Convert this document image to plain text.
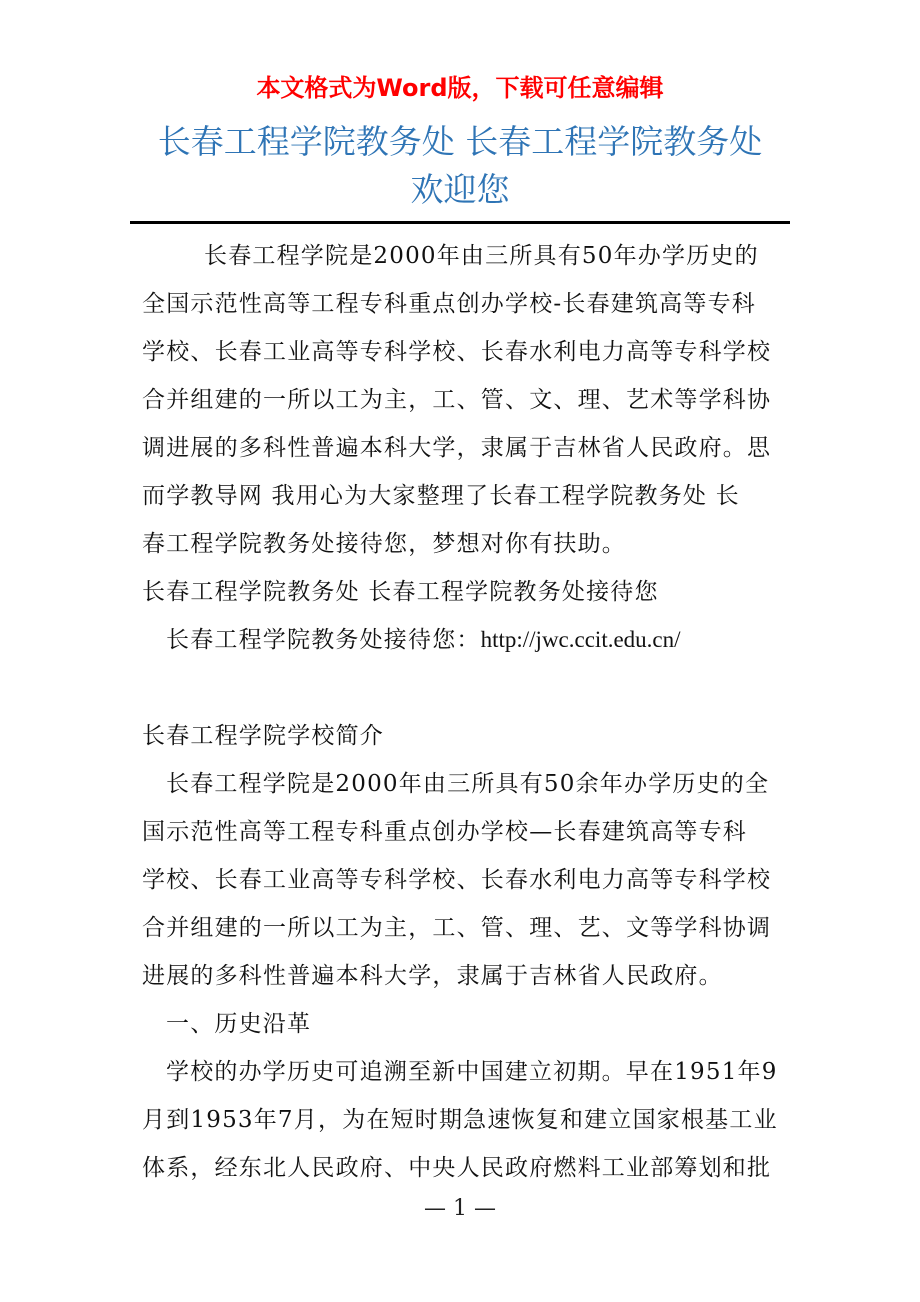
本文格式为Word版，下载可任意编辑
长春工程学院教务处 长春工程学院教务处
欢迎您
长春工程学院是2000年由三所具有50年办学历史的
全国示范性高等工程专科重点创办学校-长春建筑高等专科
学校、长春工业高等专科学校、长春水利电力高等专科学校
合并组建的一所以工为主，工、管、文、理、艺术等学科协
调进展的多科性普遍本科大学，隶属于吉林省人民政府。思
而学教导网 我用心为大家整理了长春工程学院教务处 长
春工程学院教务处接待您，梦想对你有扶助。
长春工程学院教务处 长春工程学院教务处接待您
长春工程学院教务处接待您：http://jwc.ccit.edu.cn/
长春工程学院学校简介
长春工程学院是2000年由三所具有50余年办学历史的全
国示范性高等工程专科重点创办学校—长春建筑高等专科
学校、长春工业高等专科学校、长春水利电力高等专科学校
合并组建的一所以工为主，工、管、理、艺、文等学科协调
进展的多科性普遍本科大学，隶属于吉林省人民政府。
一、历史沿革
学校的办学历史可追溯至新中国建立初期。早在1951年9
月到1953年7月，为在短时期急速恢复和建立国家根基工业
体系，经东北人民政府、中央人民政府燃料工业部筹划和批
— 1 —
